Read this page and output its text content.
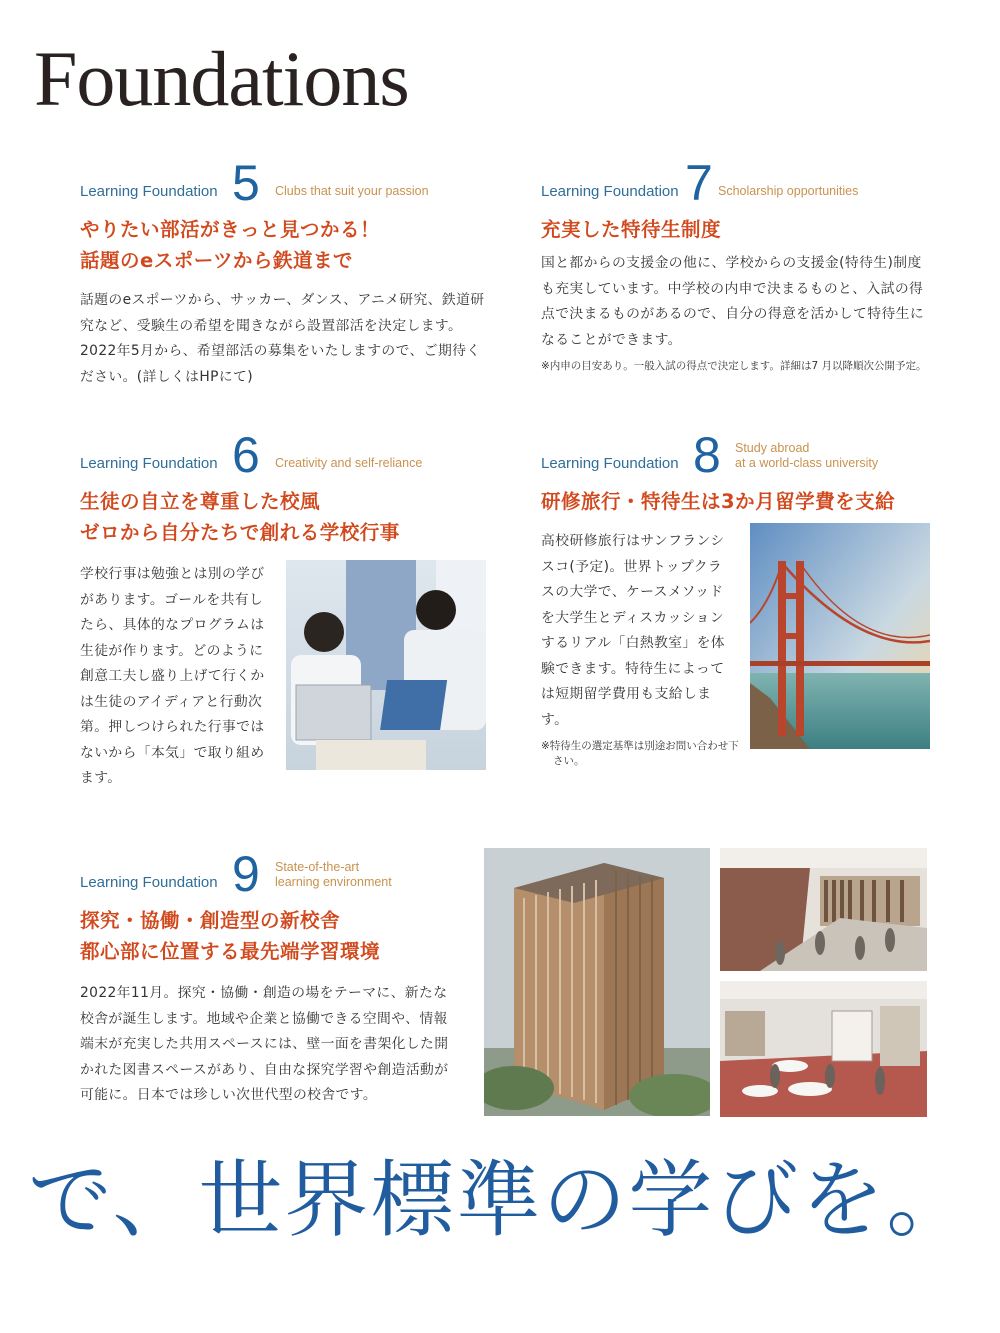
Foundations
Learning Foundation 5 Clubs that suit your passion
やりたい部活がきっと見つかる！
話題のeスポーツから鉄道まで
話題のeスポーツから、サッカー、ダンス、アニメ研究、鉄道研究など、受験生の希望を聞きながら設置部活を決定します。2022年5月から、希望部活の募集をいたしますので、ご期待ください。(詳しくはHPにて)
Learning Foundation 7 Scholarship opportunities
充実した特待生制度
国と都からの支援金の他に、学校からの支援金(特待生)制度も充実しています。中学校の内申で決まるものと、入試の得点で決まるものがあるので、自分の得意を活かして特待生になることができます。
※内申の目安あり。一般入試の得点で決定します。詳細は7 月以降順次公開予定。
Learning Foundation 6 Creativity and self-reliance
生徒の自立を尊重した校風
ゼロから自分たちで創れる学校行事
学校行事は勉強とは別の学びがあります。ゴールを共有したら、具体的なプログラムは生徒が作ります。どのように創意工夫し盛り上げて行くかは生徒のアイディアと行動次第。押しつけられた行事ではないから「本気」で取り組めます。
Learning Foundation 8 Study abroad
at a world-class university
研修旅行・特待生は3か月留学費を支給
高校研修旅行はサンフランシスコ(予定)。世界トップクラスの大学で、ケースメソッドを大学生とディスカッションするリアル「白熱教室」を体験できます。特待生によっては短期留学費用も支給します。
※特待生の選定基準は別途お問い合わせ下さい。
Learning Foundation 9 State-of-the-art
learning environment
探究・協働・創造型の新校舎
都心部に位置する最先端学習環境
2022年11月。探究・協働・創造の場をテーマに、新たな校舎が誕生します。地域や企業と協働できる空間や、情報端末が充実した共用スペースには、壁一面を書架化した開かれた図書スペースがあり、自由な探究学習や創造活動が可能に。日本では珍しい次世代型の校舎です。
で、世界標準の学びを。
